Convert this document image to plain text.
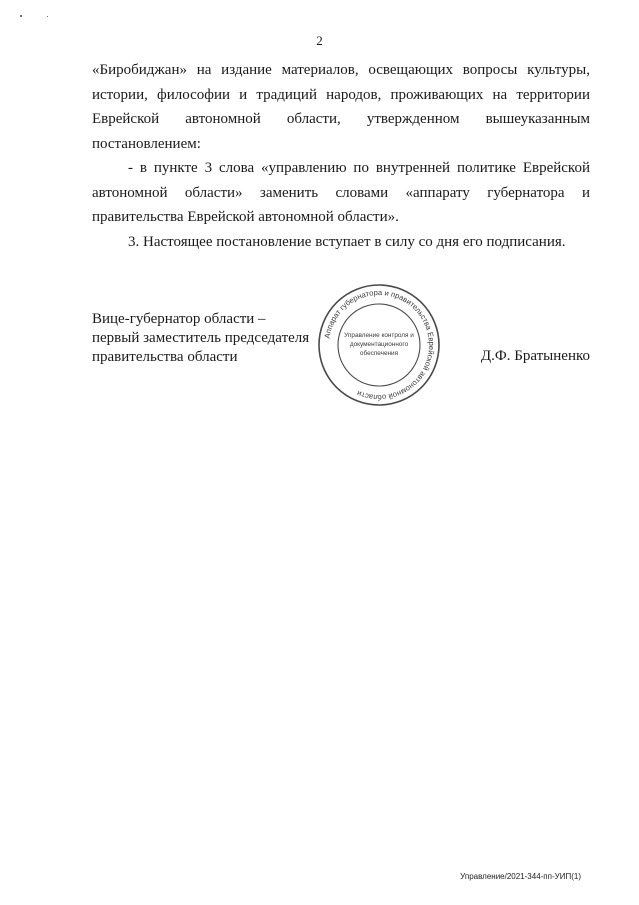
2

«Биробиджан» на издание материалов, освещающих вопросы культуры, истории, философии и традиций народов, проживающих на территории Еврейской автономной области, утвержденном вышеуказанным постановлением:

- в пункте 3 слова «управлению по внутренней политике Еврейской автономной области» заменить словами «аппарату губернатора и правительства Еврейской автономной области».

3. Настоящее постановление вступает в силу со дня его подписания.

Вице-губернатор области –
первый заместитель председателя
правительства области
Аппарат губернатора и правительства Еврейской автономной области
Управление контроля и
документационного
обеспечения	Д.Ф. Братыненко
Управление/2021-344-пп-УИП(1)
